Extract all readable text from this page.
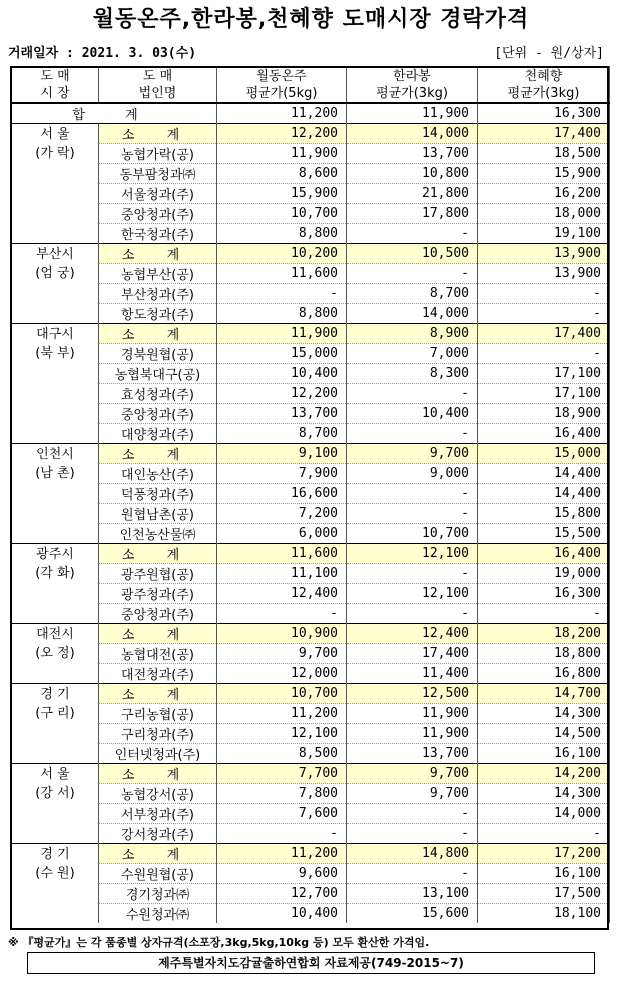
월동온주,한라봉,천혜향 도매시장 경락가격
거래일자 : 2021. 3. 03(수)	[단위 - 원/상자]
도 매	도 매	월동온주	한라봉	천혜향
시 장	법인명	평균가(5kg)	평균가(3kg)	평균가(3kg)
합 계		11,200	11,900	16,300

서 울
(가 락)	소 계	12,200	14,000	17,400
	농협가락(공)	11,900	13,700	18,500
	동부팜청과㈜	8,600	10,800	15,900
	서울청과(주)	15,900	21,800	16,200
	중앙청과(주)	10,700	17,800	18,000
	한국청과(주)	8,800	-	19,100

부산시
(엄 궁)	소 계	10,200	10,500	13,900
	농협부산(공)	11,600	-	13,900
	부산청과(주)	-	8,700	-
	항도청과(주)	8,800	14,000	-

대구시
(북 부)	소 계	11,900	8,900	17,400
	경북원협(공)	15,000	7,000	-
	농협북대구(공)	10,400	8,300	17,100
	효성청과(주)	12,200	-	17,100
	중앙청과(주)	13,700	10,400	18,900
	대양청과(주)	8,700	-	16,400

인천시
(남 촌)	소 계	9,100	9,700	15,000
	대인농산(주)	7,900	9,000	14,400
	덕풍청과(주)	16,600	-	14,400
	원협남촌(공)	7,200	-	15,800
	인천농산물㈜	6,000	10,700	15,500

광주시
(각 화)	소 계	11,600	12,100	16,400
	광주원협(공)	11,100	-	19,000
	광주청과(주)	12,400	12,100	16,300
	중앙청과(주)	-	-	-

대전시
(오 정)	소 계	10,900	12,400	18,200
	농협대전(공)	9,700	17,400	18,800
	대전청과(주)	12,000	11,400	16,800

경 기
(구 리)	소 계	10,700	12,500	14,700
	구리농협(공)	11,200	11,900	14,300
	구리청과(주)	12,100	11,900	14,500
	인터넷청과(주)	8,500	13,700	16,100

서 울
(강 서)	소 계	7,700	9,700	14,200
	농협강서(공)	7,800	9,700	14,300
	서부청과(주)	7,600	-	14,000
	강서청과(주)	-	-	-

경 기
(수 원)	소 계	11,200	14,800	17,200
	수원원협(공)	9,600	-	16,100
	경기청과㈜	12,700	13,100	17,500
	수원청과㈜	10,400	15,600	18,100
※ 『평균가』는 각 품종별 상자규격(소포장,3kg,5kg,10kg 등) 모두 환산한 가격임.
제주특별자치도감귤출하연합회 자료제공(749-2015~7)
